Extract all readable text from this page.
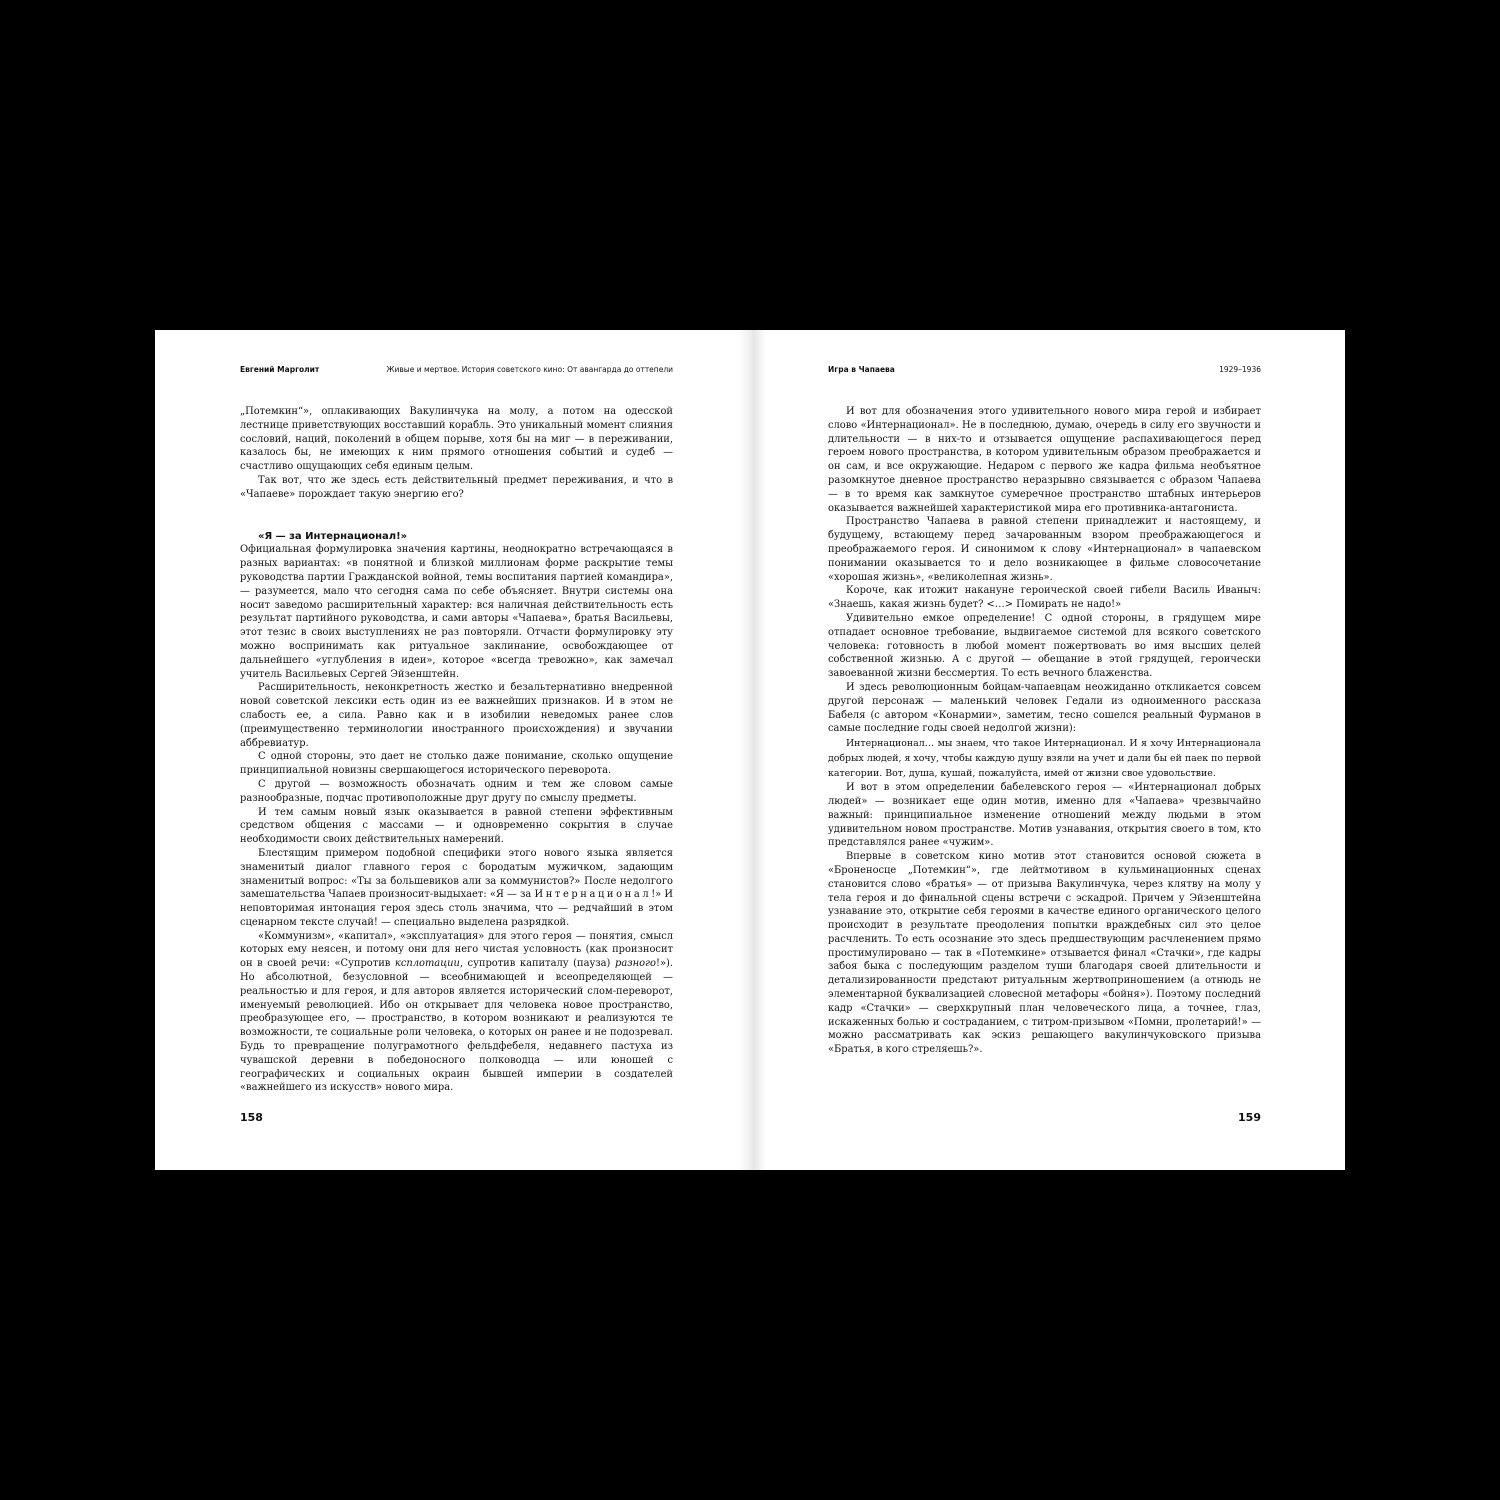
Евгений Марголит	Живые и мертвое. История советского кино: От авангарда до оттепели

„Потемкин“», оплакивающих Вакулинчука на молу, а потом на одесской лестнице приветствующих восставший корабль. Это уникальный момент слияния сословий, наций, поколений в общем порыве, хотя бы на миг — в переживании, казалось бы, не имеющих к ним прямого отношения событий и судеб — счастливо ощущающих себя единым целым.

Так вот, что же здесь есть действительный предмет переживания, и что в «Чапаеве» порождает такую энергию его?

«Я — за Интернационал!»

Официальная формулировка значения картины, неоднократно встречающаяся в разных вариантах: «в понятной и близкой миллионам форме раскрытие темы руководства партии Гражданской войной, темы воспитания партией командира», — разумеется, мало что сегодня сама по себе объясняет. Внутри системы она носит заведомо расширительный характер: вся наличная действительность есть результат партийного руководства, и сами авторы «Чапаева», братья Васильевы, этот тезис в своих выступлениях не раз повторяли. Отчасти формулировку эту можно воспринимать как ритуальное заклинание, освобождающее от дальнейшего «углубления в идеи», которое «всегда тревожно», как замечал учитель Васильевых Сергей Эйзенштейн.

Расширительность, неконкретность жестко и безальтернативно внедренной новой советской лексики есть один из ее важнейших признаков. И в этом не слабость ее, а сила. Равно как и в изобилии неведомых ранее слов (преимущественно терминологии иностранного происхождения) и звучании аббревиатур.

С одной стороны, это дает не столько даже понимание, сколько ощущение принципиальной новизны свершающегося исторического переворота.

С другой — возможность обозначать одним и тем же словом самые разнообразные, подчас противоположные друг другу по смыслу предметы.

И тем самым новый язык оказывается в равной степени эффективным средством общения с массами — и одновременно сокрытия в случае необходимости своих действительных намерений.

Блестящим примером подобной специфики этого нового языка является знаменитый диалог главного героя с бородатым мужичком, задающим знаменитый вопрос: «Ты за большевиков али за коммунистов?» После недолгого замешательства Чапаев произносит-выдыхает: «Я — за Интернационал!» И неповторимая интонация героя здесь столь значима, что — редчайший в этом сценарном тексте случай! — специально выделена разрядкой.

«Коммунизм», «капитал», «эксплуатация» для этого героя — понятия, смысл которых ему неясен, и потому они для него чистая условность (как произносит он в своей речи: «Супротив ксплотации, супротив капиталу (пауза) разного!»). Но абсолютной, безусловной — всеобнимающей и всеопределяющей — реальностью и для героя, и для авторов является исторический слом-переворот, именуемый революцией. Ибо он открывает для человека новое пространство, преобразующее его, — пространство, в котором возникают и реализуются те возможности, те социальные роли человека, о которых он ранее и не подозревал. Будь то превращение полуграмотного фельдфебеля, недавнего пастуха из чувашской деревни в победоносного полководца — или юношей с географических и социальных окраин бывшей империи в создателей «важнейшего из искусств» нового мира.

158
Игра в Чапаева	1929–1936

И вот для обозначения этого удивительного нового мира герой и избирает слово «Интернационал». Не в последнюю, думаю, очередь в силу его звучности и длительности — в них-то и отзывается ощущение распахивающегося перед героем нового пространства, в котором удивительным образом преображается и он сам, и все окружающие. Недаром с первого же кадра фильма необъятное разомкнутое дневное пространство неразрывно связывается с образом Чапаева — в то время как замкнутое сумеречное пространство штабных интерьеров оказывается важнейшей характеристикой мира его противника-антагониста.

Пространство Чапаева в равной степени принадлежит и настоящему, и будущему, встающему перед зачарованным взором преображающегося и преображаемого героя. И синонимом к слову «Интернационал» в чапаевском понимании оказывается то и дело возникающее в фильме словосочетание «хорошая жизнь», «великолепная жизнь».

Короче, как итожит накануне героической своей гибели Василь Иваныч: «Знаешь, какая жизнь будет? <…> Помирать не надо!»

Удивительно емкое определение! С одной стороны, в грядущем мире отпадает основное требование, выдвигаемое системой для всякого советского человека: готовность в любой момент пожертвовать во имя высших целей собственной жизнью. А с другой — обещание в этой грядущей, героически завоеванной жизни бессмертия. То есть вечного блаженства.

И здесь революционным бойцам-чапаевцам неожиданно откликается совсем другой персонаж — маленький человек Гедали из одноименного рассказа Бабеля (с автором «Конармии», заметим, тесно сошелся реальный Фурманов в самые последние годы своей недолгой жизни):

Интернационал… мы знаем, что такое Интернационал. И я хочу Интернационала добрых людей, я хочу, чтобы каждую душу взяли на учет и дали бы ей паек по первой категории. Вот, душа, кушай, пожалуйста, имей от жизни свое удовольствие.

И вот в этом определении бабелевского героя — «Интернационал добрых людей» — возникает еще один мотив, именно для «Чапаева» чрезвычайно важный: принципиальное изменение отношений между людьми в этом удивительном новом пространстве. Мотив узнавания, открытия своего в том, кто представлялся ранее «чужим».

Впервые в советском кино мотив этот становится основой сюжета в «Броненосце „Потемкин“», где лейтмотивом в кульминационных сценах становится слово «братья» — от призыва Вакулинчука, через клятву на молу у тела героя и до финальной сцены встречи с эскадрой. Причем у Эйзенштейна узнавание это, открытие себя героями в качестве единого органического целого происходит в результате преодоления попытки враждебных сил это целое расчленить. То есть осознание это здесь предшествующим расчленением прямо простимулировано — так в «Потемкине» отзывается финал «Стачки», где кадры забоя быка с последующим разделом туши благодаря своей длительности и детализированности предстают ритуальным жертвоприношением (а отнюдь не элементарной буквализацией словесной метафоры «бойня»). Поэтому последний кадр «Стачки» — сверхкрупный план человеческого лица, а точнее, глаз, искаженных болью и состраданием, с титром-призывом «Помни, пролетарий!» — можно рассматривать как эскиз решающего вакулинчуковского призыва «Братья, в кого стреляешь?».

159
